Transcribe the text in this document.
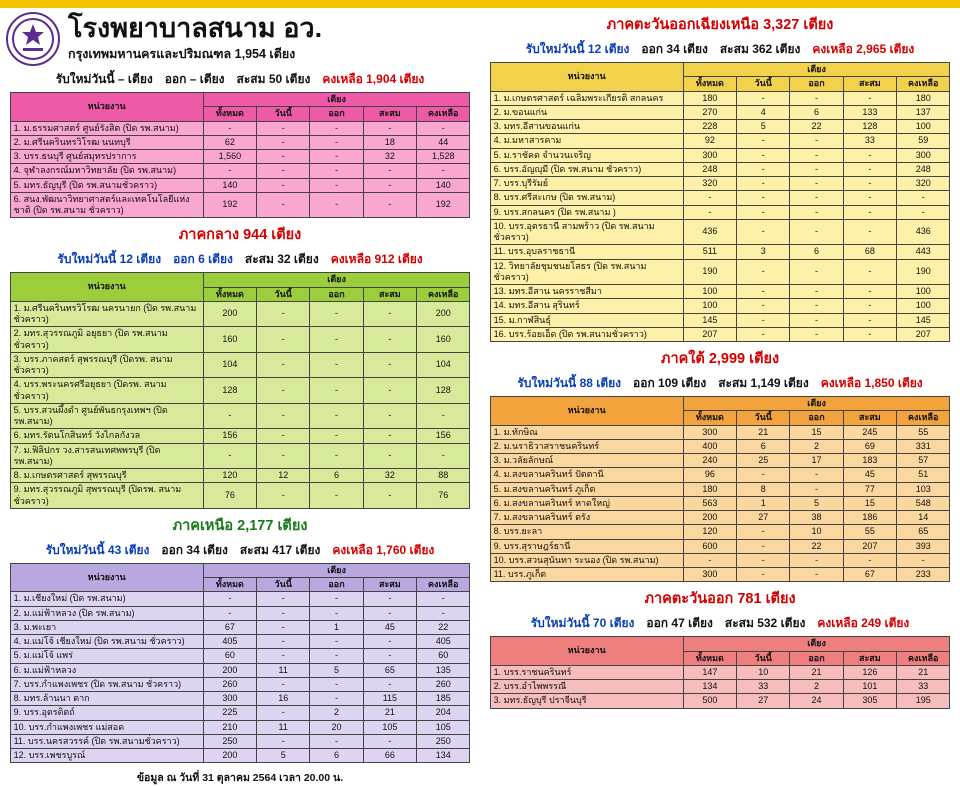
โรงพยาบาลสนาม อว.
กรุงเทพมหานครและปริมณฑล 1,954 เตียง
รับใหม่วันนี้ – เตียง ออก – เตียง สะสม 50 เตียง คงเหลือ 1,904 เตียง
หน่วยงาน	เตียง				
	ทั้งหมด	วันนี้	ออก	สะสม	คงเหลือ
1. ม.ธรรมศาสตร์ ศูนย์รังสิต (ปิด รพ.สนาม)	-	-	-	-	-
2. ม.ศรีนครินทรวิโรฒ นนทบุรี	62	-	-	18	44
3. บรร.ธนบุรี ศูนย์สมุทรปราการ	1,560	-	-	32	1,528
4. จุฬาลงกรณ์มหาวิทยาลัย (ปิด รพ.สนาม)	-	-	-	-	-
5. มทร.ธัญบุรี (ปิด รพ.สนามชั่วคราว)	140	-	-	-	140
6. สนง.พัฒนาวิทยาศาสตร์และเทคโนโลยีแห่งชาติ (ปิด รพ.สนาม ชั่วคราว)	192	-	-	-	192
ภาคกลาง 944 เตียง
รับใหม่วันนี้ 12 เตียง ออก 6 เตียง สะสม 32 เตียง คงเหลือ 912 เตียง
หน่วยงาน	เตียง				
	ทั้งหมด	วันนี้	ออก	สะสม	คงเหลือ
1. ม.ศรีนครินทรวิโรฒ นครนายก (ปิด รพ.สนามชั่วคราว)	200	-	-	-	200
2. มทร.สุวรรณภูมิ อยุธยา (ปิด รพ.สนามชั่วคราว)	160	-	-	-	160
3. บรร.ภาคสตร์ สุพรรณบุรี (ปิดรพ. สนาม ชั่วคราว)	104	-	-	-	104
4. บรร.พระนครศรีอยุธยา (ปิดรพ. สนาม ชั่วคราว)	128	-	-	-	128
5. บรร.สวนผึ้งดำ ศูนย์พันธกรุงเทพฯ (ปิด รพ.สนาม)	-	-	-	-	-
6. มทร.รัตนโกสินทร์ วังไกลกังวล	156	-	-	-	156
7. ม.ฟิลิปกร วง.สารสนเทศพพรบุรี (ปิด รพ.สนาม)	-	-	-	-	-
8. ม.เกษตรศาสตร์ สุพรรณบุรี	120	12	6	32	88
9. มทร.สุวรรณภูมิ สุพรรณบุรี (ปิดรพ. สนาม ชั่วคราว)	76	-	-	-	76
ภาคเหนือ 2,177 เตียง
รับใหม่วันนี้ 43 เตียง ออก 34 เตียง สะสม 417 เตียง คงเหลือ 1,760 เตียง
หน่วยงาน	เตียง				
	ทั้งหมด	วันนี้	ออก	สะสม	คงเหลือ
1. ม.เชียงใหม่ (ปิด รพ.สนาม)	-	-	-	-	-
2. ม.แม่ฟ้าหลวง (ปิด รพ.สนาม)	-	-	-	-	-
3. ม.พะเยา	67	-	1	45	22
4. ม.แม่โจ้ เชียงใหม่ (ปิด รพ.สนาม ชั่วคราว)	405	-	-	-	405
5. ม.แม่โจ้ แพร่	60	-	-	-	60
6. ม.แม่ฟ้าหลวง	200	11	5	65	135
7. บรร.กำแพงเพชร (ปิด รพ.สนาม ชั่วคราว)	260	-	-	-	260
8. มทร.ล้านนา ตาก	300	16	-	115	185
9. บรร.อุตรดิตถ์	225	-	2	21	204
10. บรร.กำแพงเพชร แม่สอด	210	11	20	105	105
11. บรร.นครสวรรค์ (ปิด รพ.สนามชั่วคราว)	250	-	-	-	250
12. บรร.เพชรบูรณ์	200	5	6	66	134
ข้อมูล ณ วันที่ 31 ตุลาคม 2564 เวลา 20.00 น.
ภาคตะวันออกเฉียงเหนือ 3,327 เตียง
รับใหม่วันนี้ 12 เตียง ออก 34 เตียง สะสม 362 เตียง คงเหลือ 2,965 เตียง
หน่วยงาน	เตียง				
	ทั้งหมด	วันนี้	ออก	สะสม	คงเหลือ
1. ม.เกษตรศาสตร์ เฉลิมพระเกียรติ สกลนคร	180	-	-	-	180
2. ม.ขอนแก่น	270	4	6	133	137
3. มทร.อีสานขอนแก่น	228	5	22	128	100
4. ม.มหาสารคาม	92	-	-	33	59
5. ม.ราชัคด จำนวนเจริญ	300	-	-	-	300
6. บรร.อัญญุมี (ปิด รพ.สนาม ชั่วคราว)	248	-	-	-	248
7. บรร.บุรีรัมย์	320	-	-	-	320
8. บรร.ศรีสะเกษ (ปิด รพ.สนาม)	-	-	-	-	-
9. บรร.สกลนคร (ปิด รพ.สนาม )	-	-	-	-	-
10. บรร.อุตรธานี สามพร้าว (ปิด รพ.สนาม ชั่วคราว)	436	-	-	-	436
11. บรร.อุบลราชธานี	511	3	6	68	443
12. วิทยาลัยชุมชนยโสธร (ปิด รพ.สนาม ชั่วคราว)	190	-	-	-	190
13. มทร.อีสาน นครราชสีมา	100	-	-	-	100
14. มทร.อีสาน สุรินทร์	100	-	-	-	100
15. ม.กาฬสินธุ์	145	-	-	-	145
16. บรร.ร้อยเอ็ด (ปิด รพ.สนามชั่วคราว)	207	-	-	-	207
ภาคใต้ 2,999 เตียง
รับใหม่วันนี้ 88 เตียง ออก 109 เตียง สะสม 1,149 เตียง คงเหลือ 1,850 เตียง
หน่วยงาน	เตียง				
	ทั้งหมด	วันนี้	ออก	สะสม	คงเหลือ
1. ม.ทักษิณ	300	21	15	245	55
2. ม.นราธิวาสราชนครินทร์	400	6	2	69	331
3. ม.วลัยลักษณ์	240	25	17	183	57
4. ม.สงขลานครินทร์ ปัตตานี	96	-	-	45	51
5. ม.สงขลานครินทร์ ภูเก็ต	180	8	-	77	103
6. ม.สงขลานครินทร์ หาดใหญ่	563	1	5	15	548
7. ม.สงขลานครินทร์ ตรัง	200	27	38	186	14
8. บรร.ยะลา	120	-	10	55	65
9. บรร.สุราษฎร์ธานี	600	-	22	207	393
10. บรร.สวนสุนันทา ระนอง (ปิด รพ.สนาม)	-	-	-	-	-
11. บรร.ภูเก็ต	300	-	-	67	233
ภาคตะวันออก 781 เตียง
รับใหม่วันนี้ 70 เตียง ออก 47 เตียง สะสม 532 เตียง คงเหลือ 249 เตียง
หน่วยงาน	เตียง				
	ทั้งหมด	วันนี้	ออก	สะสม	คงเหลือ
1. บรร.ราชนครินทร์	147	10	21	126	21
2. บรร.อำไพพรรณี	134	33	2	101	33
3. มทร.ธัญบุรี ปราจีนบุรี	500	27	24	305	195
